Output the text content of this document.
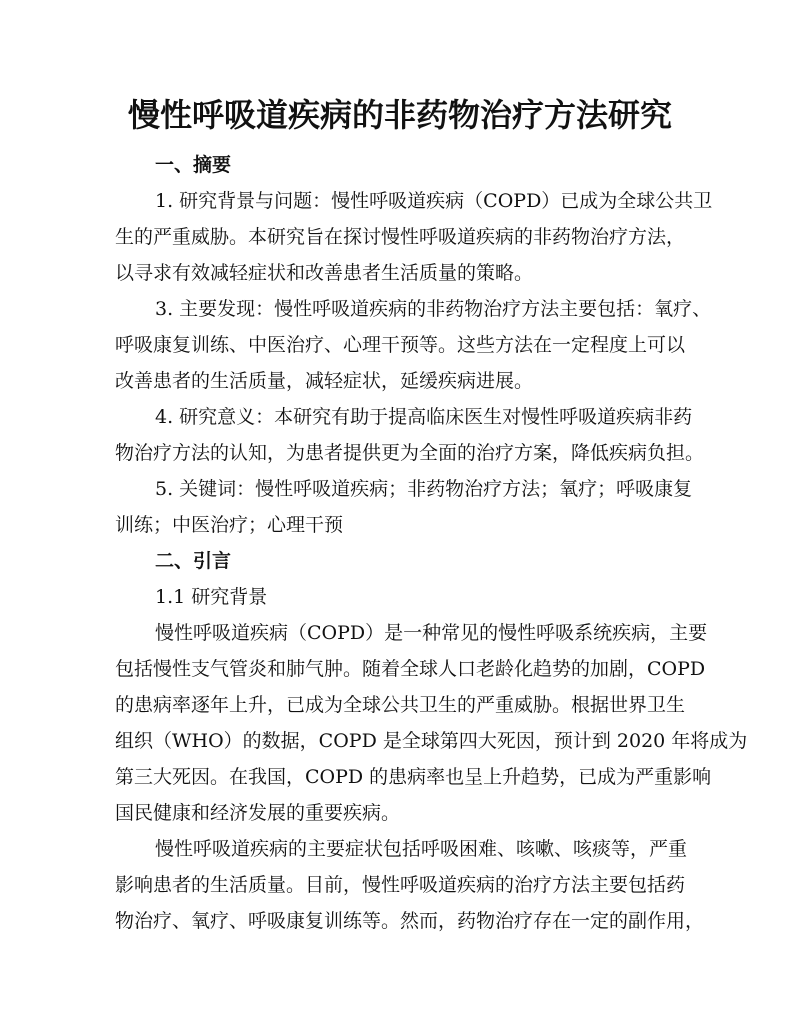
慢性呼吸道疾病的非药物治疗方法研究
一、摘要

1. 研究背景与问题：慢性呼吸道疾病（COPD）已成为全球公共卫

生的严重威胁。本研究旨在探讨慢性呼吸道疾病的非药物治疗方法，

以寻求有效减轻症状和改善患者生活质量的策略。

3. 主要发现：慢性呼吸道疾病的非药物治疗方法主要包括：氧疗、

呼吸康复训练、中医治疗、心理干预等。这些方法在一定程度上可以

改善患者的生活质量，减轻症状，延缓疾病进展。

4. 研究意义：本研究有助于提高临床医生对慢性呼吸道疾病非药

物治疗方法的认知，为患者提供更为全面的治疗方案，降低疾病负担。

5. 关键词：慢性呼吸道疾病；非药物治疗方法；氧疗；呼吸康复

训练；中医治疗；心理干预

二、引言

1.1 研究背景

慢性呼吸道疾病（COPD）是一种常见的慢性呼吸系统疾病，主要

包括慢性支气管炎和肺气肿。随着全球人口老龄化趋势的加剧，COPD

的患病率逐年上升，已成为全球公共卫生的严重威胁。根据世界卫生

组织（WHO）的数据，COPD 是全球第四大死因，预计到 2020 年将成为

第三大死因。在我国，COPD 的患病率也呈上升趋势，已成为严重影响

国民健康和经济发展的重要疾病。

慢性呼吸道疾病的主要症状包括呼吸困难、咳嗽、咳痰等，严重

影响患者的生活质量。目前，慢性呼吸道疾病的治疗方法主要包括药

物治疗、氧疗、呼吸康复训练等。然而，药物治疗存在一定的副作用，
